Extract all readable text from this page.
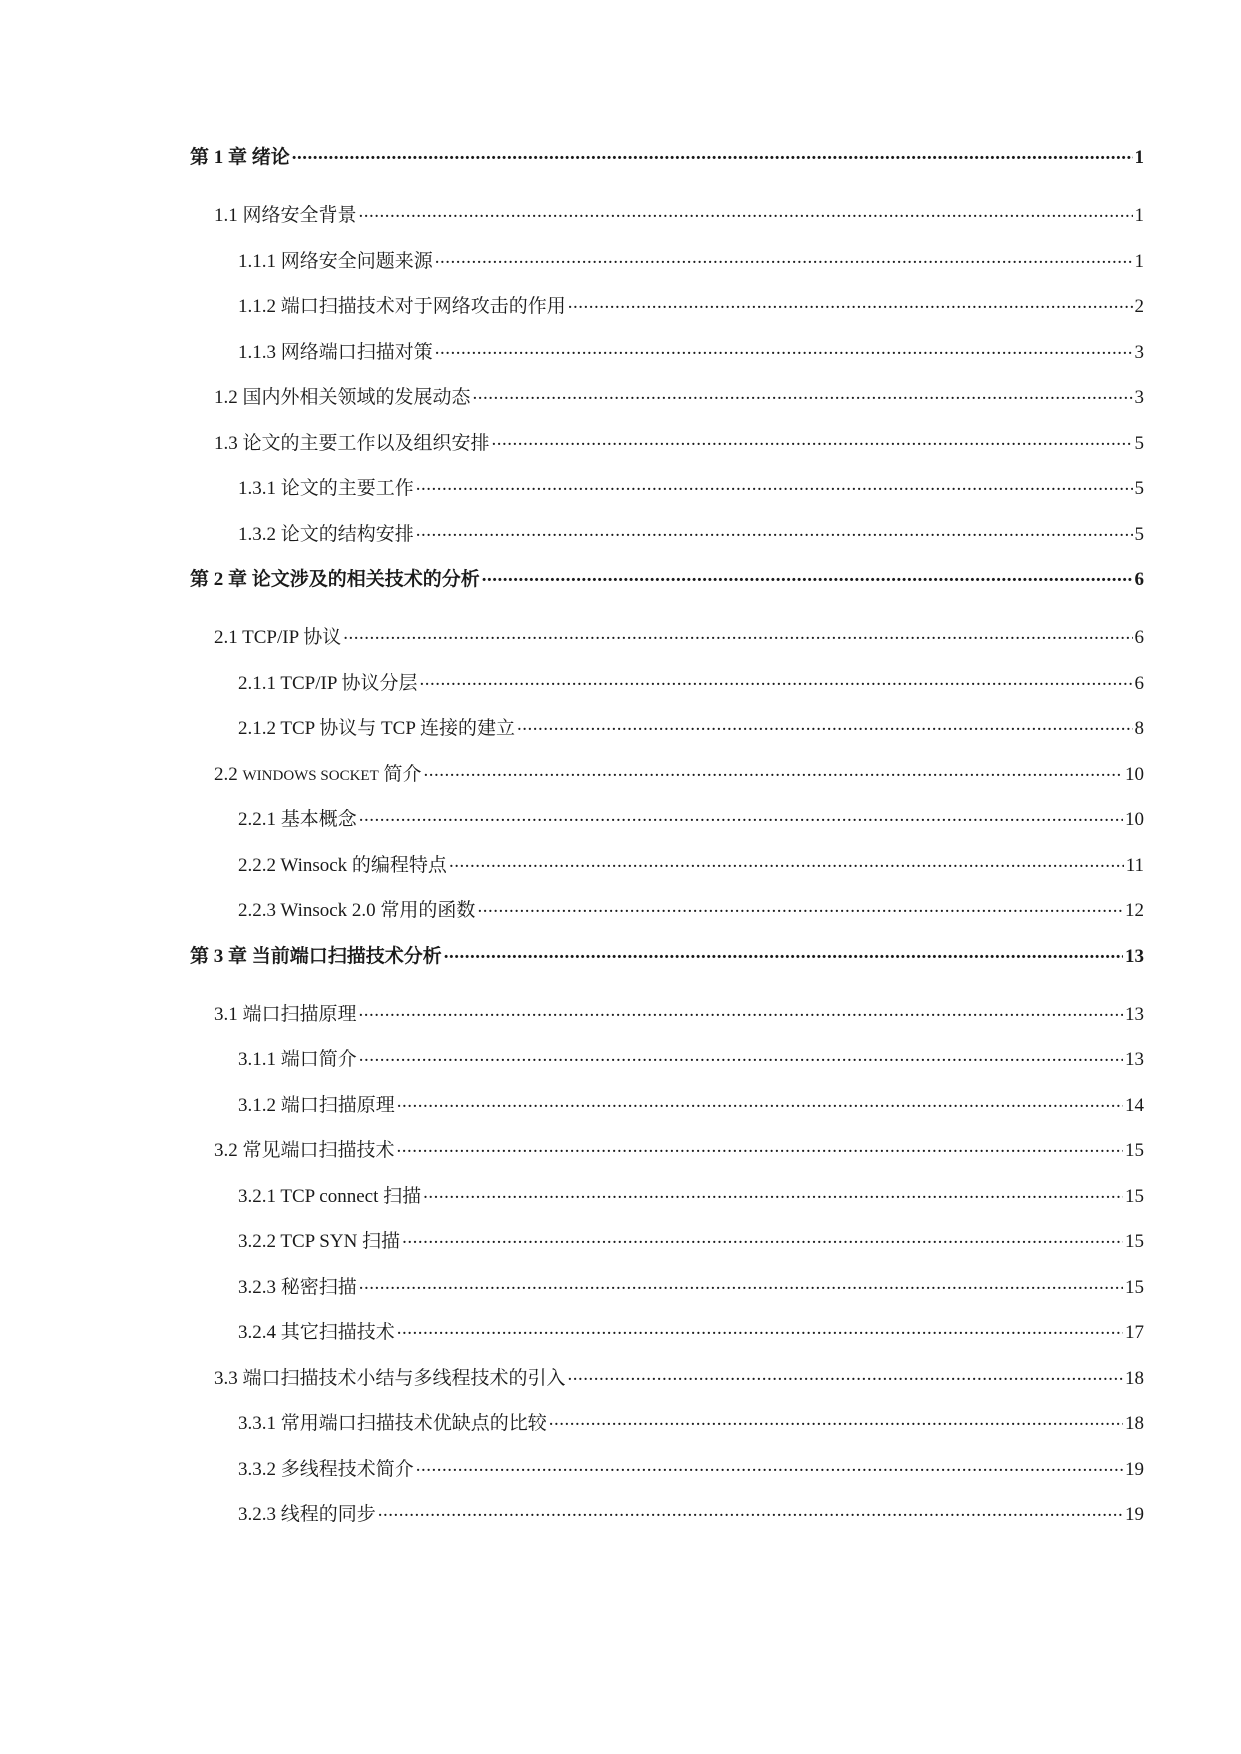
第 1 章 绪论 .....	1
1.1 网络安全背景 .....	1
1.1.1 网络安全问题来源 .....	1
1.1.2 端口扫描技术对于网络攻击的作用 .....	2
1.1.3 网络端口扫描对策 .....	3
1.2 国内外相关领域的发展动态 .....	3
1.3 论文的主要工作以及组织安排 .....	5
1.3.1 论文的主要工作 .....	5
1.3.2 论文的结构安排 .....	5
第 2 章 论文涉及的相关技术的分析 .....	6
2.1 TCP/IP 协议 .....	6
2.1.1 TCP/IP 协议分层 .....	6
2.1.2 TCP 协议与 TCP 连接的建立 .....	8
2.2 WINDOWS SOCKET 简介 .....	10
2.2.1 基本概念 .....	10
2.2.2 Winsock 的编程特点 .....	11
2.2.3 Winsock 2.0 常用的函数 .....	12
第 3 章 当前端口扫描技术分析 .....	13
3.1 端口扫描原理 .....	13
3.1.1 端口简介 .....	13
3.1.2 端口扫描原理 .....	14
3.2 常见端口扫描技术 .....	15
3.2.1 TCP connect 扫描 .....	15
3.2.2 TCP SYN 扫描 .....	15
3.2.3 秘密扫描 .....	15
3.2.4 其它扫描技术 .....	17
3.3 端口扫描技术小结与多线程技术的引入 .....	18
3.3.1 常用端口扫描技术优缺点的比较 .....	18
3.3.2 多线程技术简介 .....	19
3.2.3 线程的同步 .....	19
